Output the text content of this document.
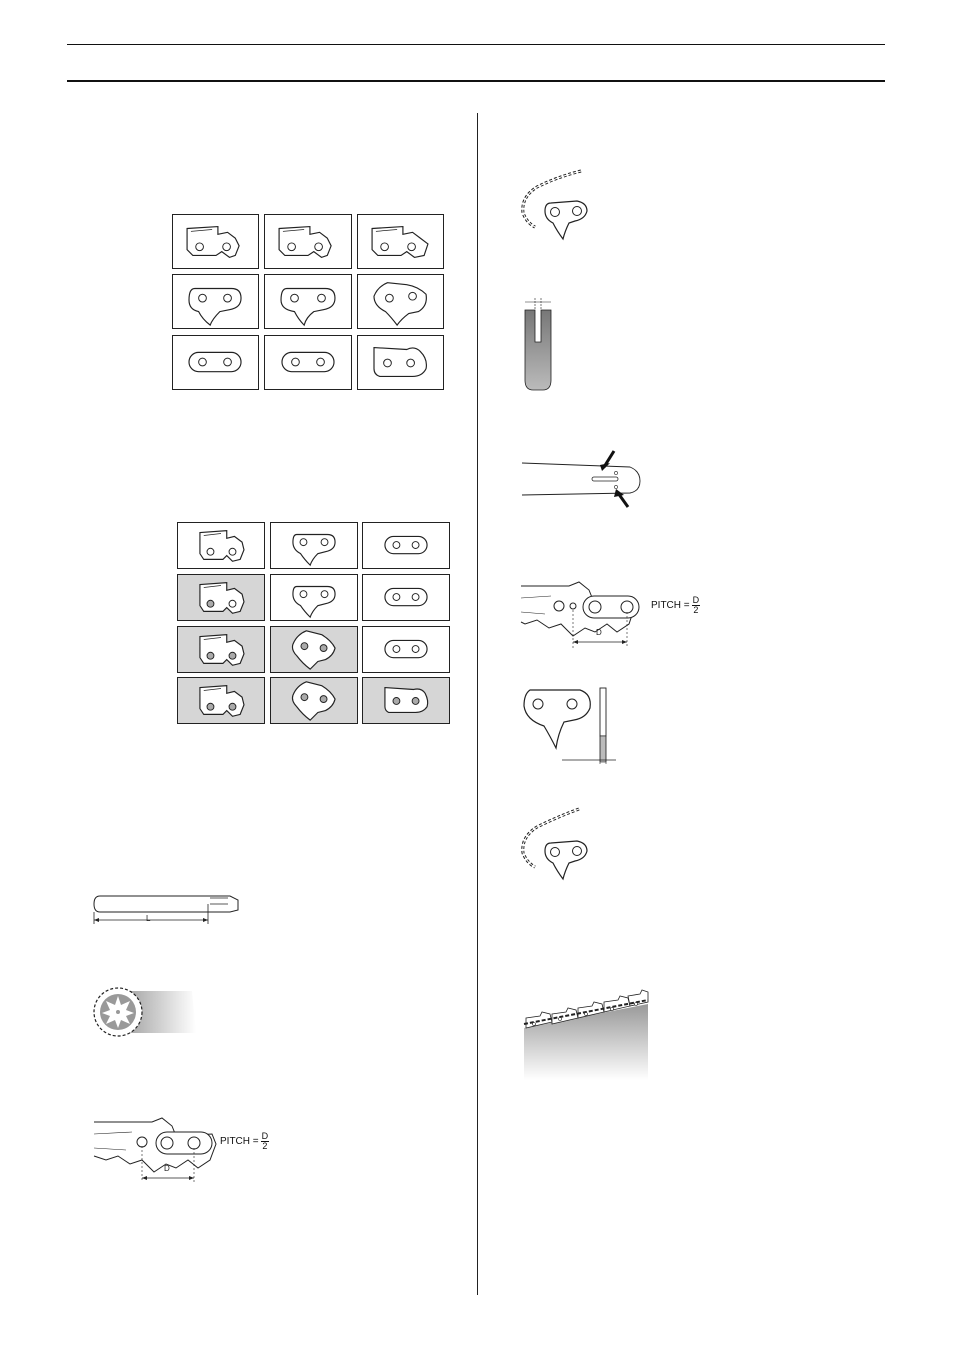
L
D
PITCH = $\frac{D}{2}$
D
PITCH = $\frac{D}{2}$
